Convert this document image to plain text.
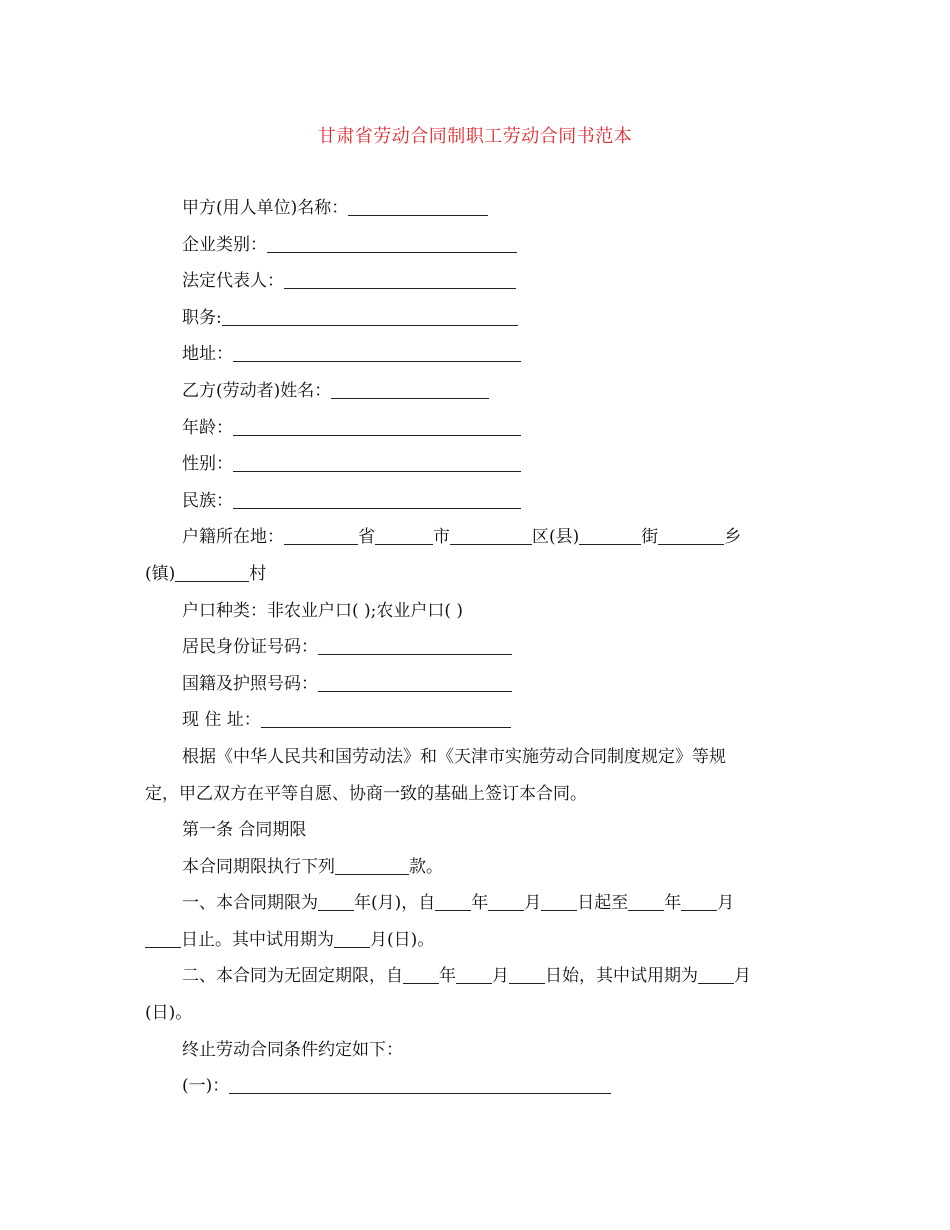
甘肃省劳动合同制职工劳动合同书范本
甲方(用人单位)名称：
企业类别：
法定代表人：
职务:
地址：
乙方(劳动者)姓名：
年龄：
性别：
民族：
户籍所在地：	省	市	区(县)	街	乡
(镇)	村
户口种类：非农业户口( );农业户口( )
居民身份证号码：
国籍及护照号码：
现 住 址：
根据《中华人民共和国劳动法》和《天津市实施劳动合同制度规定》等规
定，甲乙双方在平等自愿、协商一致的基础上签订本合同。
第一条 合同期限
本合同期限执行下列	款。
一、本合同期限为 年(月)，自 年 月 日起至 年 月
日止。其中试用期为 月(日)。
二、本合同为无固定期限，自 年 月 日始，其中试用期为 月
(日)。
终止劳动合同条件约定如下：
(一)：
